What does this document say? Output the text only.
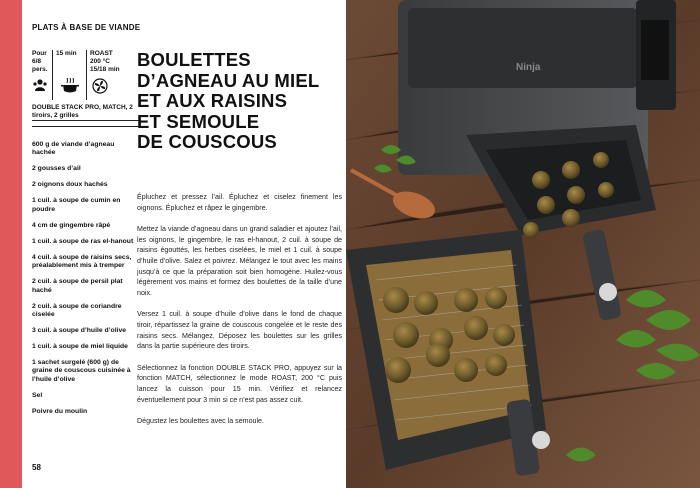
PLATS À BASE DE VIANDE
Pour 6/8 pers.
15 min	ROAST
200 °C
15/18 min
DOUBLE STACK PRO, MATCH, 2 tiroirs, 2 grilles
600 g de viande d’agneau hachée
2 gousses d’ail
2 oignons doux hachés
1 cuil. à soupe de cumin en poudre
4 cm de gingembre râpé
1 cuil. à soupe de ras el-hanout
4 cuil. à soupe de raisins secs, préalablement mis à tremper
2 cuil. à soupe de persil plat haché
2 cuil. à soupe de coriandre ciselée
3 cuil. à soupe d’huile d’olive
1 cuil. à soupe de miel liquide
1 sachet surgelé (600 g) de graine de couscous cuisinée à l’huile d’olive
Sel
Poivre du moulin
BOULETTES
D’AGNEAU AU MIEL
ET AUX RAISINS
ET SEMOULE
DE COUSCOUS

Épluchez et pressez l’ail. Épluchez et ciselez finement les oignons. Épluchez et râpez le gingembre.

Mettez la viande d’agneau dans un grand saladier et ajoutez l’ail, les oignons, le gingembre, le ras el-hanout, 2 cuil. à soupe de raisins égouttés, les herbes ciselées, le miel et 1 cuil. à soupe d’huile d’olive. Salez et poivrez. Mélangez le tout avec les mains jusqu’à ce que la préparation soit bien homogène. Huilez-vous légèrement vos mains et formez des boulettes de la taille d’une noix.

Versez 1 cuil. à soupe d’huile d’olive dans le fond de chaque tiroir, répartissez la graine de couscous congelée et le reste des raisins secs. Mélangez. Déposez les boulettes sur les grilles dans la partie supérieure des tiroirs.

Sélectionnez la fonction DOUBLE STACK PRO, appuyez sur la fonction MATCH, sélectionnez le mode ROAST, 200 °C puis lancez la cuisson pour 15 min. Vérifiez et relancez éventuellement pour 3 min si ce n’est pas assez cuit.

Dégustez les boulettes avec la semoule.

58
Ninja
